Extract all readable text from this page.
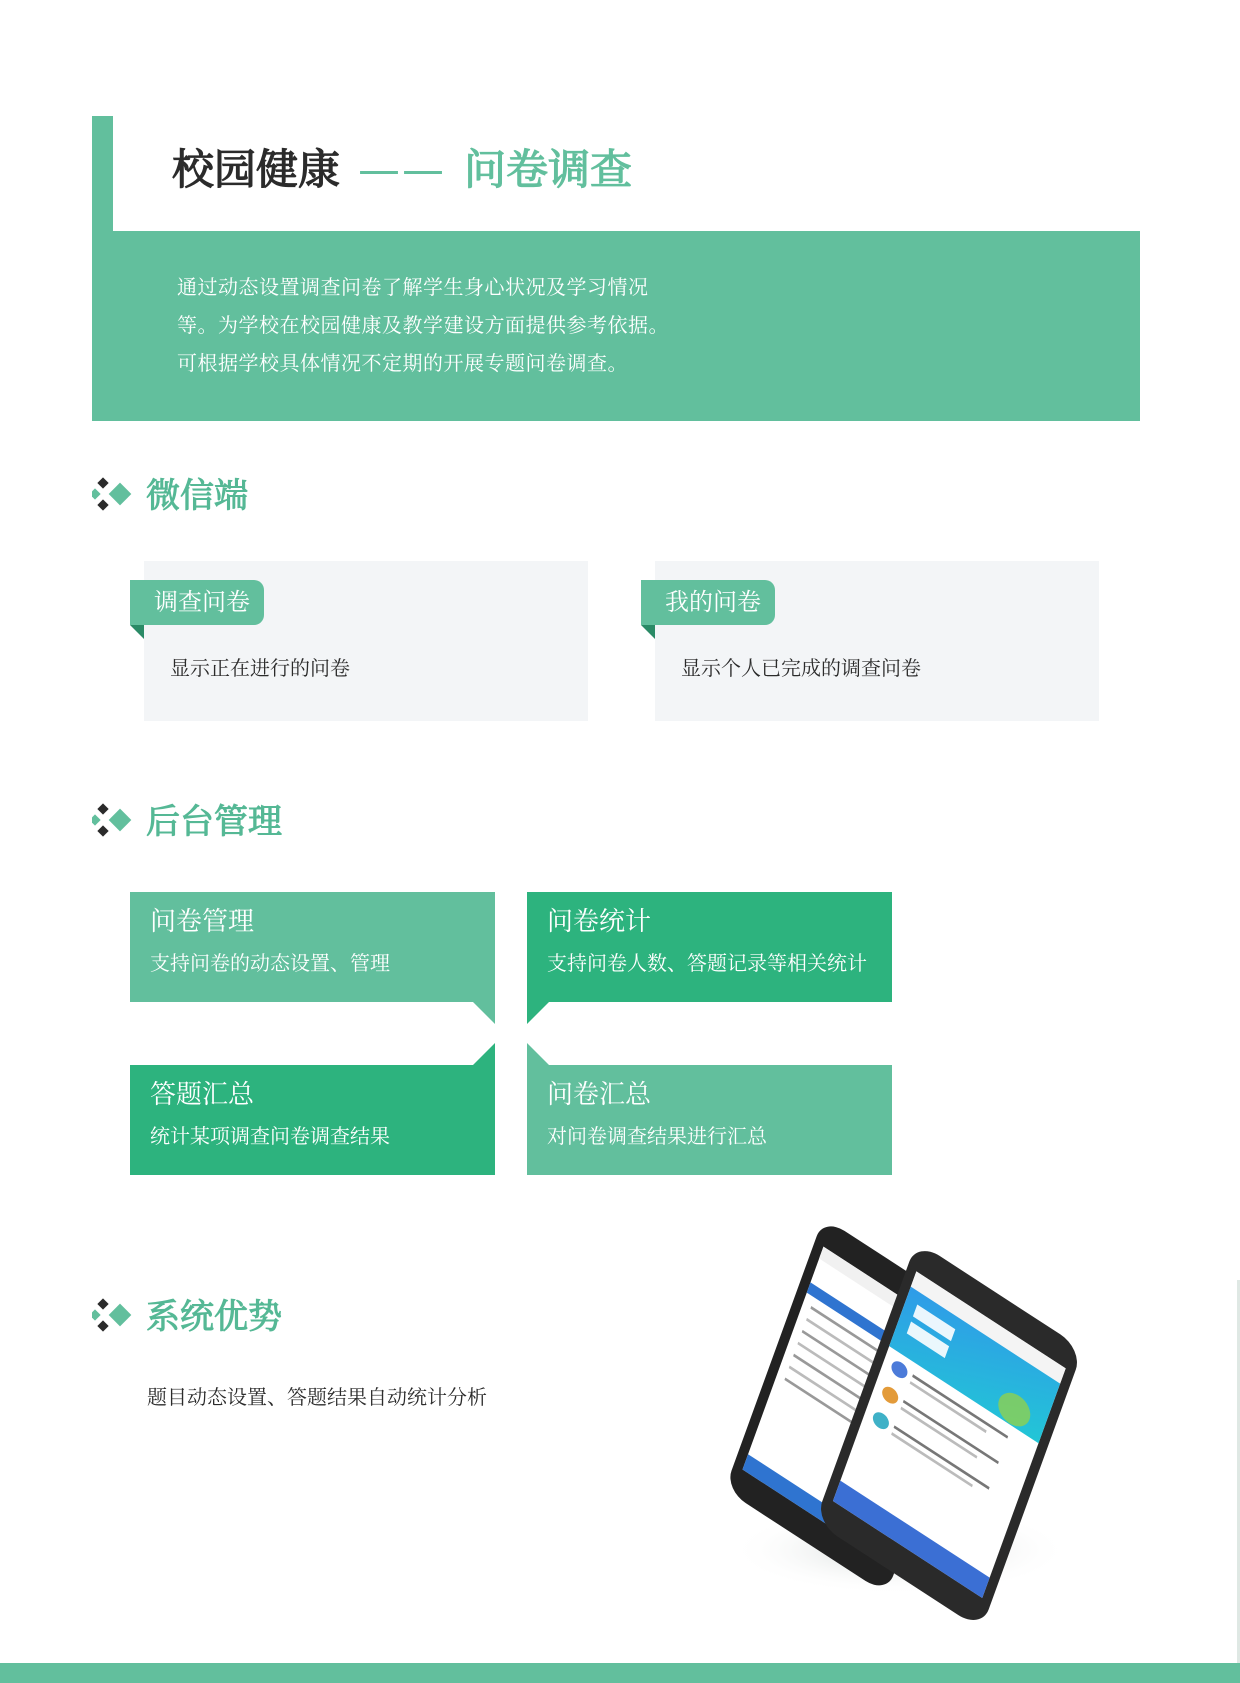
校园健康 —— 问卷调查
通过动态设置调查问卷了解学生身心状况及学习情况
等。为学校在校园健康及教学建设方面提供参考依据。
可根据学校具体情况不定期的开展专题问卷调查。
微信端
调查问卷
显示正在进行的问卷
我的问卷
显示个人已完成的调查问卷
后台管理
问卷管理
支持问卷的动态设置、管理
问卷统计
支持问卷人数、答题记录等相关统计
答题汇总
统计某项调查问卷调查结果
问卷汇总
对问卷调查结果进行汇总
系统优势
题目动态设置、答题结果自动统计分析
